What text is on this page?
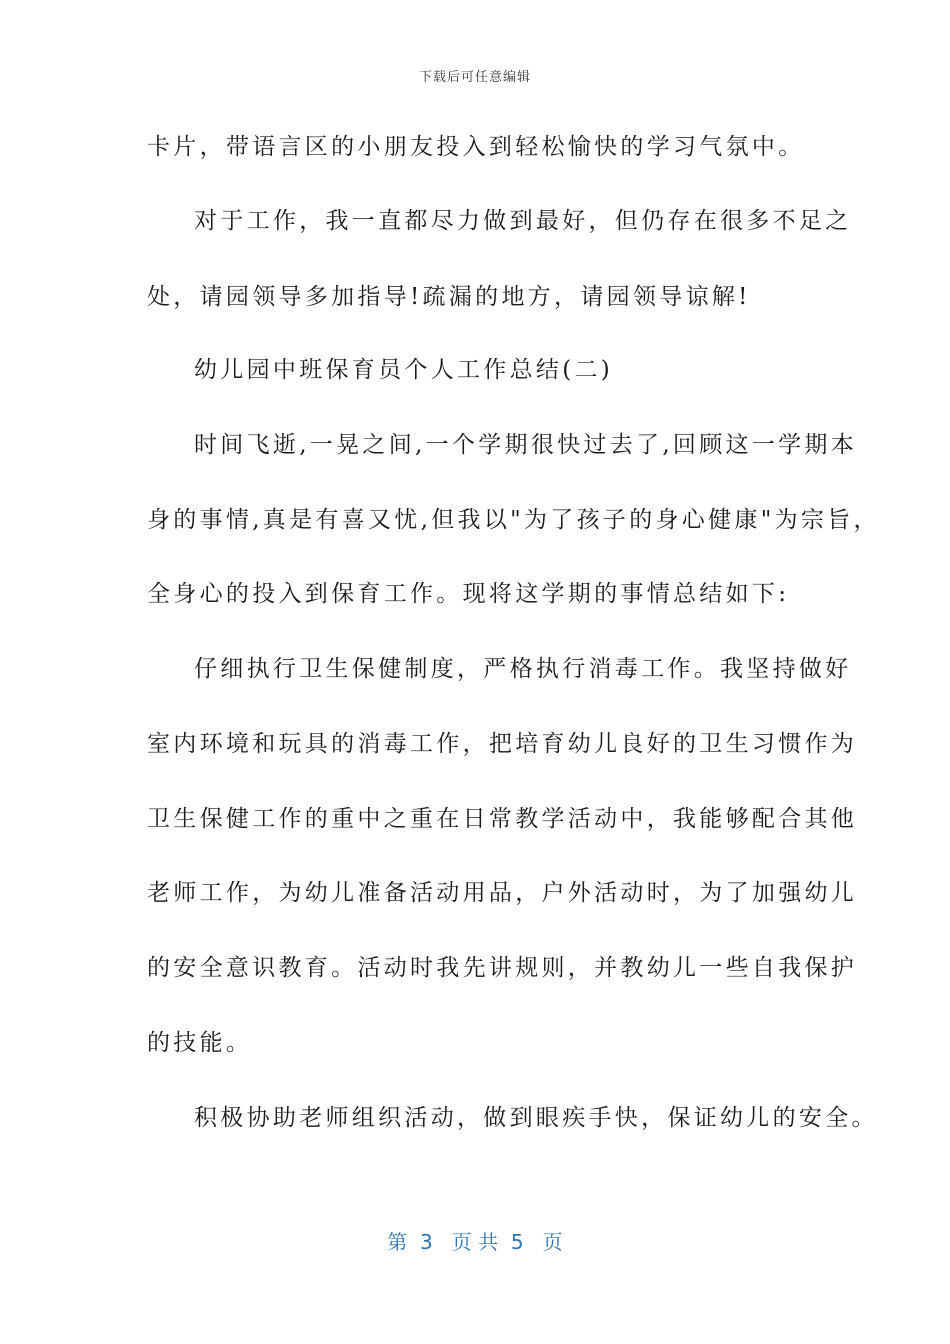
下载后可任意编辑
卡片，带语言区的小朋友投入到轻松愉快的学习气氛中。
对于工作，我一直都尽力做到最好，但仍存在很多不足之
处，请园领导多加指导!疏漏的地方，请园领导谅解!
幼儿园中班保育员个人工作总结(二)
时间飞逝,一晃之间,一个学期很快过去了,回顾这一学期本
身的事情,真是有喜又忧,但我以"为了孩子的身心健康"为宗旨，
全身心的投入到保育工作。现将这学期的事情总结如下:
仔细执行卫生保健制度，严格执行消毒工作。我坚持做好
室内环境和玩具的消毒工作，把培育幼儿良好的卫生习惯作为
卫生保健工作的重中之重在日常教学活动中，我能够配合其他
老师工作，为幼儿准备活动用品，户外活动时，为了加强幼儿
的安全意识教育。活动时我先讲规则，并教幼儿一些自我保护
的技能。
积极协助老师组织活动，做到眼疾手快，保证幼儿的安全。
第  3   页 共  5   页
